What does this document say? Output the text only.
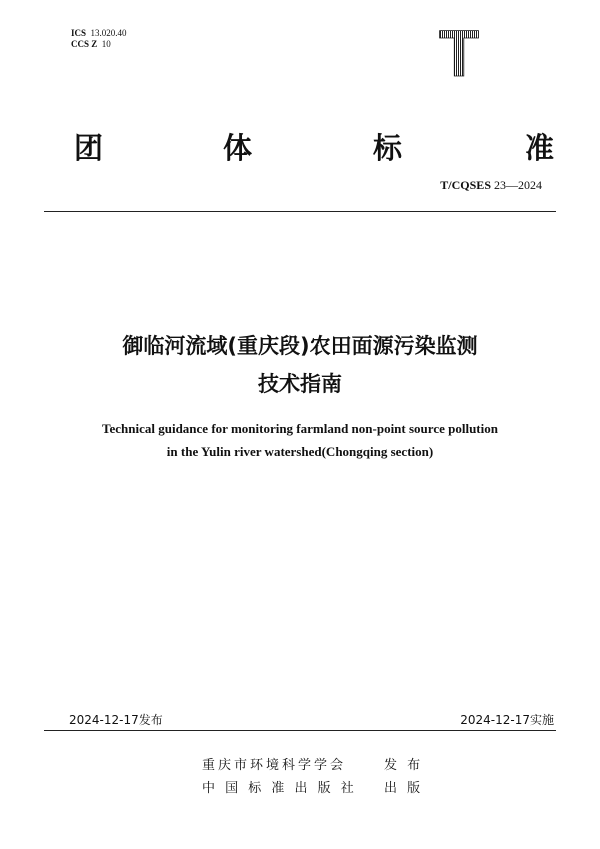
ICS 13.020.40
CCS Z 10	T
团	体	标	准
T/CQSES 23—2024
御临河流域(重庆段)农田面源污染监测
技术指南
Technical guidance for monitoring farmland non-point source pollution
in the Yulin river watershed(Chongqing section)
2024-12-17发布	2024-12-17实施
重庆市环境科学学会	发 布
中 国 标 准 出 版 社 出 版
